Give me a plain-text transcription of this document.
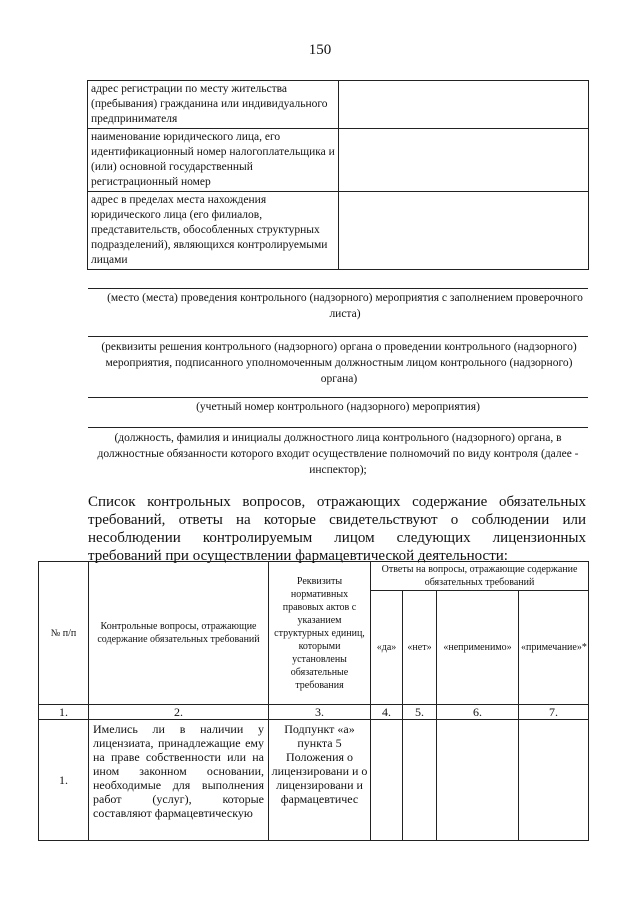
150
адрес регистрации по месту жительства (пребывания) гражданина или индивидуального предпринимателя	
наименование юридического лица, его идентификационный номер налогоплательщика и (или) основной государственный регистрационный номер	
адрес в пределах места нахождения юридического лица (его филиалов, представительств, обособленных структурных подразделений), являющихся контролируемыми лицами	
(место (места) проведения контрольного (надзорного) мероприятия с заполнением проверочного листа)
(реквизиты решения контрольного (надзорного) органа о проведении контрольного (надзорного) мероприятия, подписанного уполномоченным должностным лицом контрольного (надзорного) органа)
(учетный номер контрольного (надзорного) мероприятия)
(должность, фамилия и инициалы должностного лица контрольного (надзорного) органа, в должностные обязанности которого входит осуществление полномочий по виду контроля (далее - инспектор);
Список контрольных вопросов, отражающих содержание обязательных требований, ответы на которые свидетельствуют о соблюдении или несоблюдении контролируемым лицом следующих лицензионных требований при осуществлении фармацевтической деятельности:
№ п/п	Контрольные вопросы, отражающие содержание обязательных требований	Реквизиты нормативных правовых актов с указанием структурных единиц, которыми установлены обязательные требования	Ответы на вопросы, отражающие содержание обязательных требований			
			«да»	«нет»	«неприменимо»	«примечание»*
1.	2.	3.	4.	5.	6.	7.
1.	Имелись ли в наличии у лицензиата, принадлежащие ему на праве собственности или на ином законном основании, необходимые для выполнения работ (услуг), которые составляют фармацевтическую	Подпункт «а» пункта 5 Положения о лицензировани и о лицензировани и фармацевтичес				
